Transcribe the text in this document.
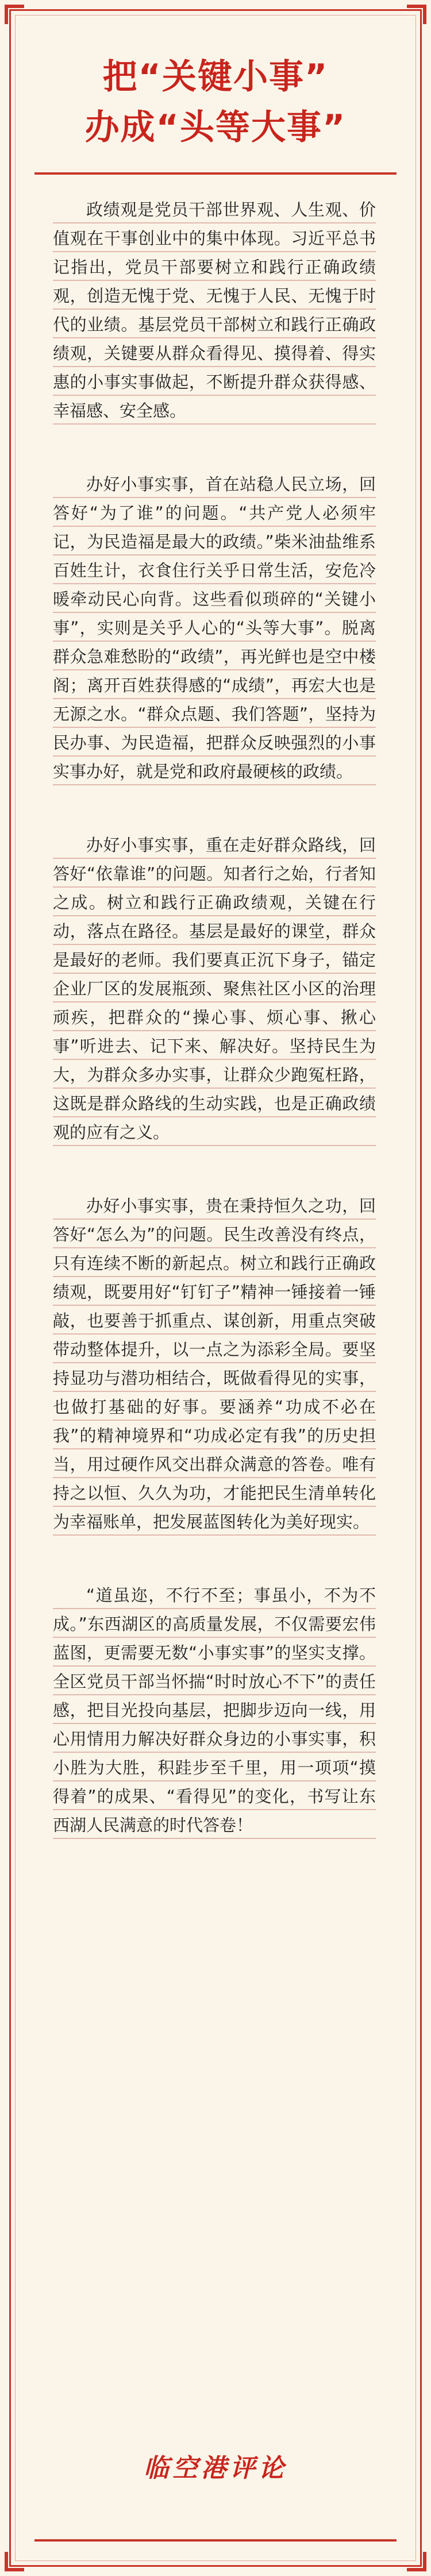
把“关键小事”
办成“头等大事”

政绩观是党员干部世界观、人生观、价值观在干事创业中的集中体现。习近平总书记指出，党员干部要树立和践行正确政绩观，创造无愧于党、无愧于人民、无愧于时代的业绩。基层党员干部树立和践行正确政绩观，关键要从群众看得见、摸得着、得实惠的小事实事做起，不断提升群众获得感、幸福感、安全感。

办好小事实事，首在站稳人民立场，回答好“为了谁”的问题。“共产党人必须牢记，为民造福是最大的政绩。”柴米油盐维系百姓生计，衣食住行关乎日常生活，安危冷暖牵动民心向背。这些看似琐碎的“关键小事”，实则是关乎人心的“头等大事”。脱离群众急难愁盼的“政绩”，再光鲜也是空中楼阁；离开百姓获得感的“成绩”，再宏大也是无源之水。“群众点题、我们答题”，坚持为民办事、为民造福，把群众反映强烈的小事实事办好，就是党和政府最硬核的政绩。

办好小事实事，重在走好群众路线，回答好“依靠谁”的问题。知者行之始，行者知之成。树立和践行正确政绩观，关键在行动，落点在路径。基层是最好的课堂，群众是最好的老师。我们要真正沉下身子，锚定企业厂区的发展瓶颈、聚焦社区小区的治理顽疾，把群众的“操心事、烦心事、揪心事”听进去、记下来、解决好。坚持民生为大，为群众多办实事，让群众少跑冤枉路，这既是群众路线的生动实践，也是正确政绩观的应有之义。

办好小事实事，贵在秉持恒久之功，回答好“怎么为”的问题。民生改善没有终点，只有连续不断的新起点。树立和践行正确政绩观，既要用好“钉钉子”精神一锤接着一锤敲，也要善于抓重点、谋创新，用重点突破带动整体提升，以一点之为添彩全局。要坚持显功与潜功相结合，既做看得见的实事，也做打基础的好事。要涵养“功成不必在我”的精神境界和“功成必定有我”的历史担当，用过硬作风交出群众满意的答卷。唯有持之以恒、久久为功，才能把民生清单转化为幸福账单，把发展蓝图转化为美好现实。

“道虽迩，不行不至；事虽小，不为不成。”东西湖区的高质量发展，不仅需要宏伟蓝图，更需要无数“小事实事”的坚实支撑。全区党员干部当怀揣“时时放心不下”的责任感，把目光投向基层，把脚步迈向一线，用心用情用力解决好群众身边的小事实事，积小胜为大胜，积跬步至千里，用一项项“摸得着”的成果、“看得见”的变化，书写让东西湖人民满意的时代答卷！

临空港评论
